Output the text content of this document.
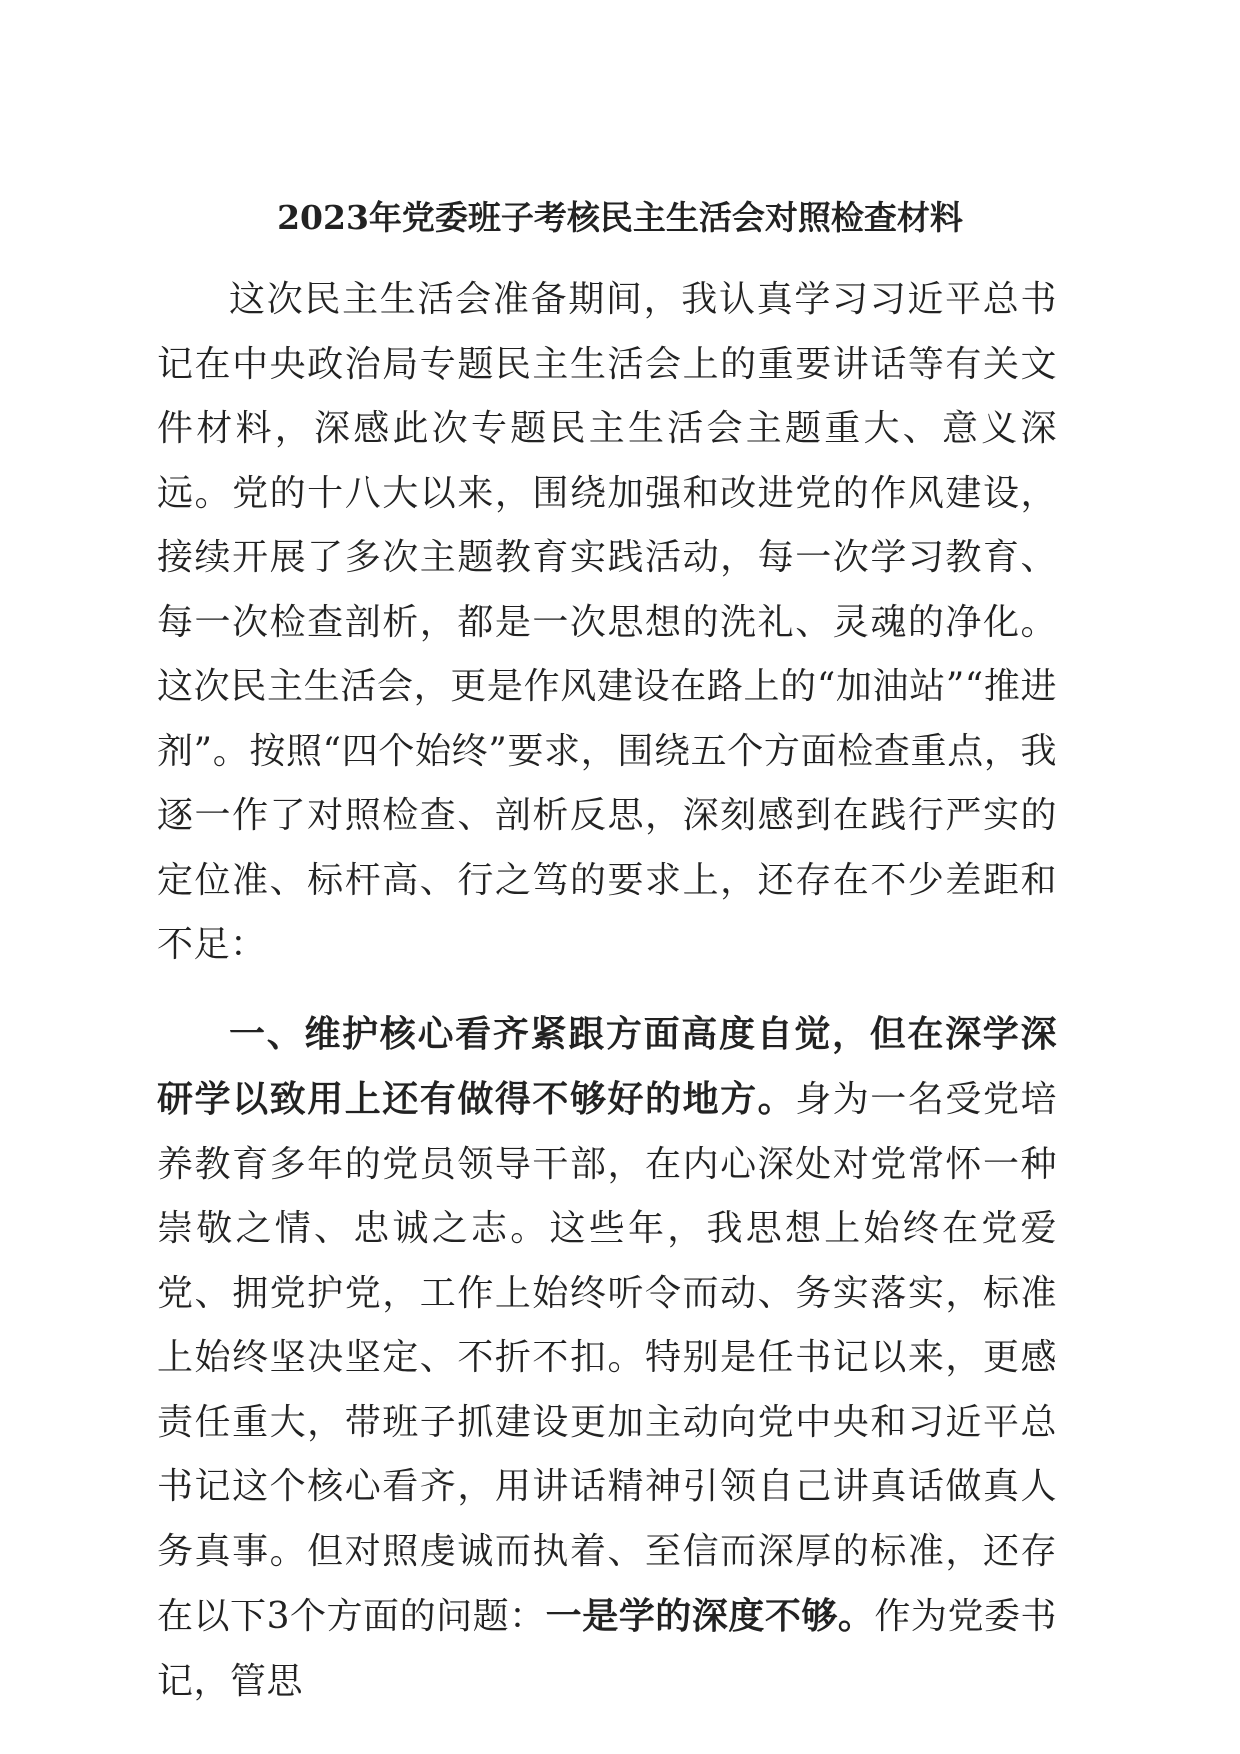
2023年党委班子考核民主生活会对照检查材料

这次民主生活会准备期间，我认真学习习近平总书记在中央政治局专题民主生活会上的重要讲话等有关文件材料，深感此次专题民主生活会主题重大、意义深远。党的十八大以来，围绕加强和改进党的作风建设，接续开展了多次主题教育实践活动，每一次学习教育、每一次检查剖析，都是一次思想的洗礼、灵魂的净化。这次民主生活会，更是作风建设在路上的“加油站”“推进剂”。按照“四个始终”要求，围绕五个方面检查重点，我逐一作了对照检查、剖析反思，深刻感到在践行严实的定位准、标杆高、行之笃的要求上，还存在不少差距和不足：

一、维护核心看齐紧跟方面高度自觉，但在深学深研学以致用上还有做得不够好的地方。身为一名受党培养教育多年的党员领导干部，在内心深处对党常怀一种崇敬之情、忠诚之志。这些年，我思想上始终在党爱党、拥党护党，工作上始终听令而动、务实落实，标准上始终坚决坚定、不折不扣。特别是任书记以来，更感责任重大，带班子抓建设更加主动向党中央和习近平总书记这个核心看齐，用讲话精神引领自己讲真话做真人务真事。但对照虔诚而执着、至信而深厚的标准，还存在以下3个方面的问题：一是学的深度不够。作为党委书记，管思
